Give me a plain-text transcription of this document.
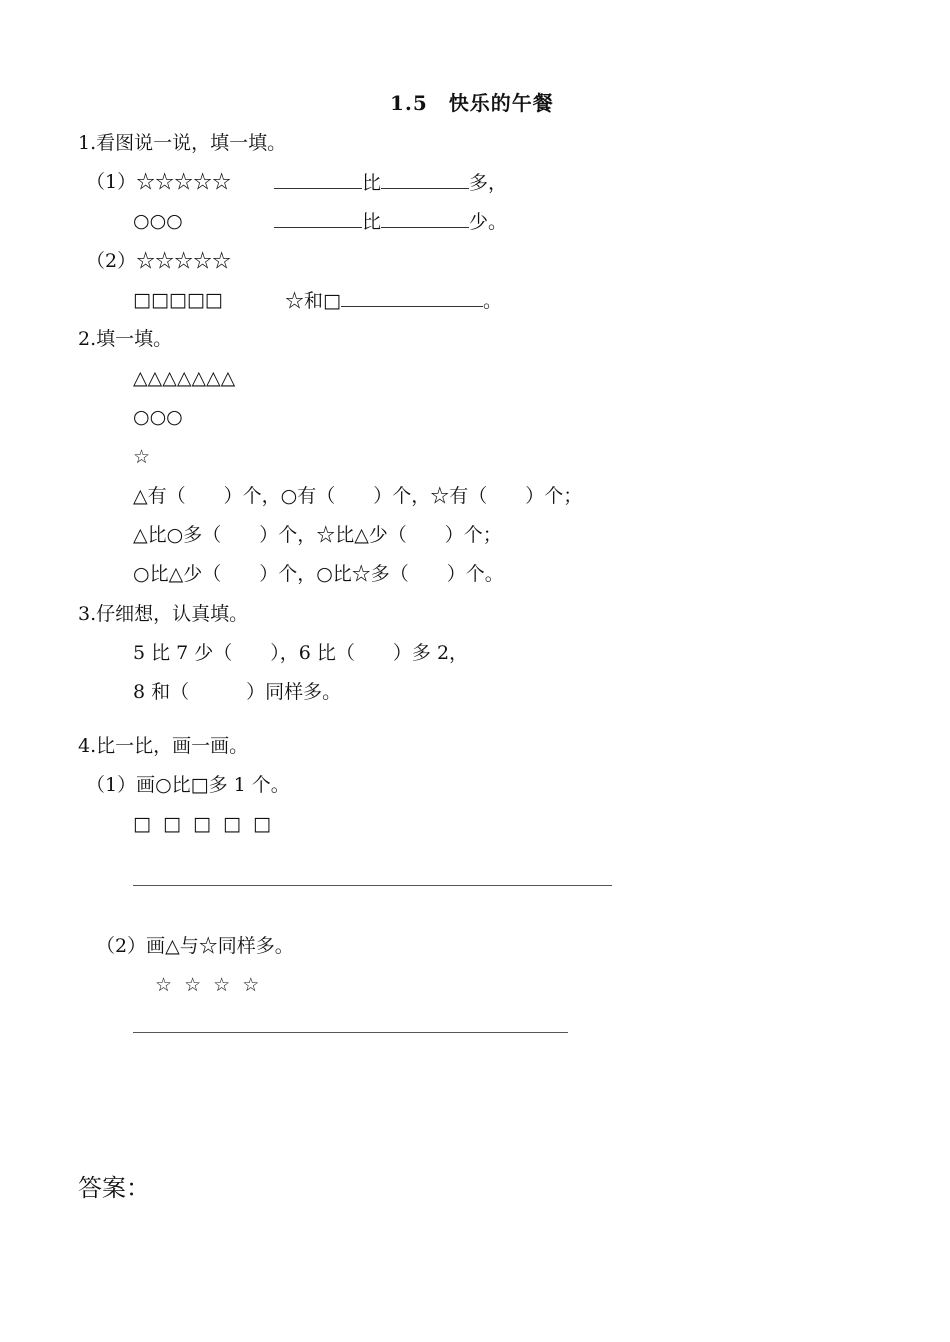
1.5　快乐的午餐
1.看图说一说，填一填。
（1）☆☆☆☆☆	比	多，
○○○	比	少。
（2）☆☆☆☆☆
□□□□□	☆和□	。
2.填一填。
△△△△△△△
○○○
☆
△有（　　）个，○有（　　）个，☆有（　　）个；
△比○多（　　）个，☆比△少（　　）个；
○比△少（　　）个，○比☆多（　　）个。
3.仔细想，认真填。
5 比 7 少（　　），6 比（　　）多 2，
8 和（　　　）同样多。
4.比一比，画一画。
（1）画○比□多 1 个。
□ □ □ □ □
（2）画△与☆同样多。
☆ ☆ ☆ ☆
答案：
